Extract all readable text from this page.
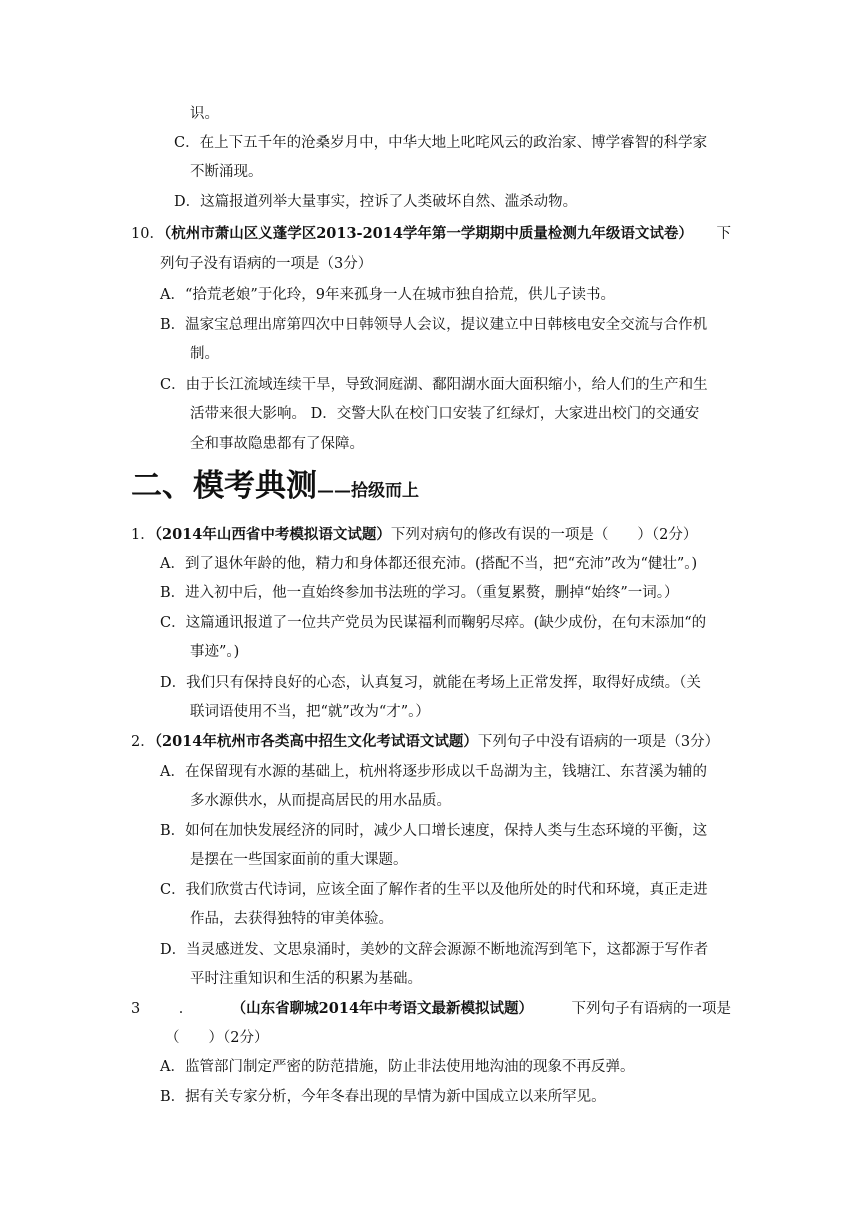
识。
C．在上下五千年的沧桑岁月中，中华大地上叱咤风云的政治家、博学睿智的科学家
不断涌现。
D．这篇报道列举大量事实，控诉了人类破坏自然、滥杀动物。
10．（杭州市萧山区义蓬学区2013-2014学年第一学期期中质量检测九年级语文试卷） 下
列句子没有语病的一项是（3分）
A．“拾荒老娘”于化玲，9年来孤身一人在城市独自拾荒，供儿子读书。
B．温家宝总理出席第四次中日韩领导人会议，提议建立中日韩核电安全交流与合作机
制。
C．由于长江流域连续干旱，导致洞庭湖、鄱阳湖水面大面积缩小，给人们的生产和生
活带来很大影响。 D．交警大队在校门口安装了红绿灯，大家进出校门的交通安
全和事故隐患都有了保障。
二、模考典测——拾级而上
1．（2014年山西省中考模拟语文试题）下列对病句的修改有误的一项是（　　）（2分）
A．到了退休年龄的他，精力和身体都还很充沛。(搭配不当，把“充沛”改为“健壮”。)
B．进入初中后，他一直始终参加书法班的学习。（重复累赘，删掉“始终”一词。）
C．这篇通讯报道了一位共产党员为民谋福利而鞠躬尽瘁。(缺少成份，在句末添加“的
事迹”。)
D．我们只有保持良好的心态，认真复习，就能在考场上正常发挥，取得好成绩。（关
联词语使用不当，把“就”改为“才”。）
2．（2014年杭州市各类高中招生文化考试语文试题）下列句子中没有语病的一项是（3分）
A．在保留现有水源的基础上，杭州将逐步形成以千岛湖为主，钱塘江、东苕溪为辅的
多水源供水，从而提高居民的用水品质。
B．如何在加快发展经济的同时，减少人口增长速度，保持人类与生态环境的平衡，这
是摆在一些国家面前的重大课题。
C．我们欣赏古代诗词，应该全面了解作者的生平以及他所处的时代和环境，真正走进
作品，去获得独特的审美体验。
D．当灵感迸发、文思泉涌时，美妙的文辞会源源不断地流泻到笔下，这都源于写作者
平时注重知识和生活的积累为基础。
3	．	（山东省聊城2014年中考语文最新模拟试题）	下列句子有语病的一项是
（　　）（2分）
A．监管部门制定严密的防范措施，防止非法使用地沟油的现象不再反弹。
B．据有关专家分析，今年冬春出现的旱情为新中国成立以来所罕见。
